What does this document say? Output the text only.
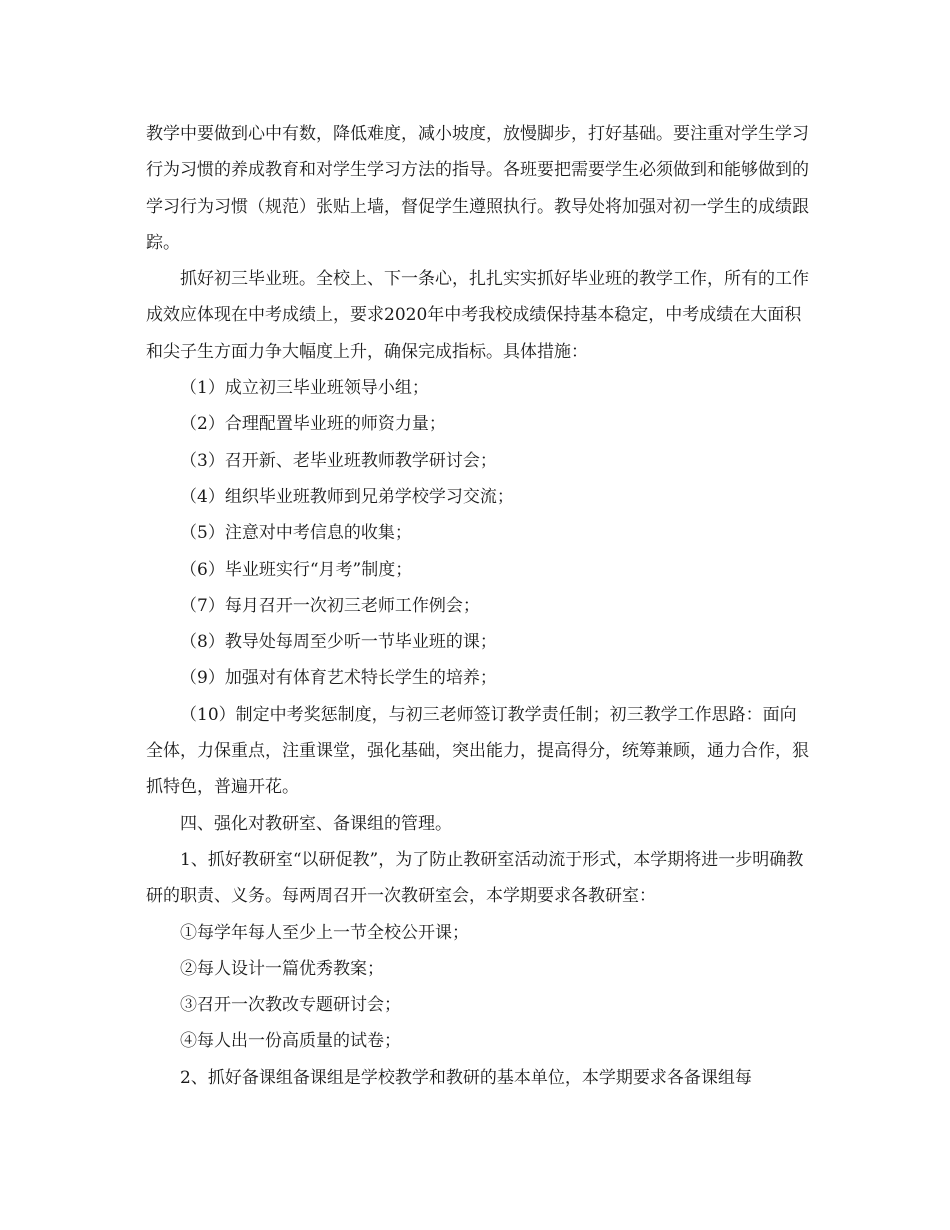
教学中要做到心中有数，降低难度，减小坡度，放慢脚步，打好基础。要注重对学生学习行为习惯的养成教育和对学生学习方法的指导。各班要把需要学生必须做到和能够做到的学习行为习惯（规范）张贴上墙，督促学生遵照执行。教导处将加强对初一学生的成绩跟踪。

抓好初三毕业班。全校上、下一条心，扎扎实实抓好毕业班的教学工作，所有的工作成效应体现在中考成绩上，要求2020年中考我校成绩保持基本稳定，中考成绩在大面积和尖子生方面力争大幅度上升，确保完成指标。具体措施：

（1）成立初三毕业班领导小组；

（2）合理配置毕业班的师资力量；

（3）召开新、老毕业班教师教学研讨会；

（4）组织毕业班教师到兄弟学校学习交流；

（5）注意对中考信息的收集；

（6）毕业班实行“月考”制度；

（7）每月召开一次初三老师工作例会；

（8）教导处每周至少听一节毕业班的课；

（9）加强对有体育艺术特长学生的培养；

（10）制定中考奖惩制度，与初三老师签订教学责任制；初三教学工作思路：面向全体，力保重点，注重课堂，强化基础，突出能力，提高得分，统筹兼顾，通力合作，狠抓特色，普遍开花。

四、强化对教研室、备课组的管理。

1、抓好教研室“以研促教”，为了防止教研室活动流于形式，本学期将进一步明确教研的职责、义务。每两周召开一次教研室会，本学期要求各教研室：

①每学年每人至少上一节全校公开课；

②每人设计一篇优秀教案；

③召开一次教改专题研讨会；

④每人出一份高质量的试卷；

2、抓好备课组备课组是学校教学和教研的基本单位，本学期要求各备课组每
